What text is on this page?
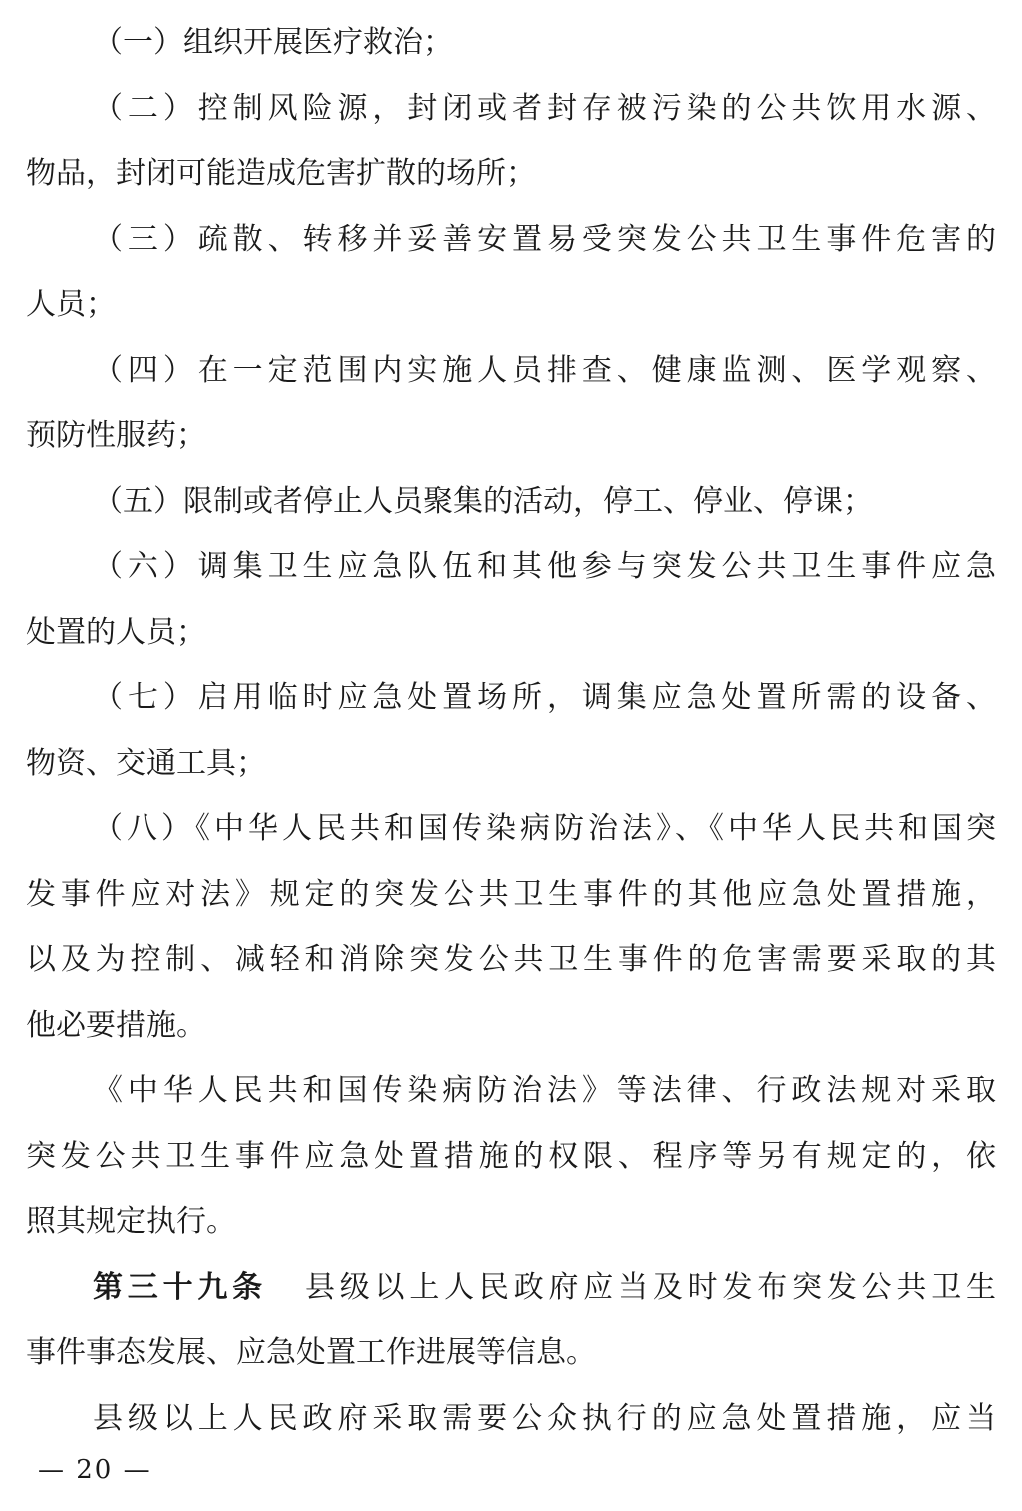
（一）组织开展医疗救治；
（二）控制风险源，封闭或者封存被污染的公共饮用水源、
物品，封闭可能造成危害扩散的场所；
（三）疏散、转移并妥善安置易受突发公共卫生事件危害的
人员；
（四）在一定范围内实施人员排查、健康监测、医学观察、
预防性服药；
（五）限制或者停止人员聚集的活动，停工、停业、停课；
（六）调集卫生应急队伍和其他参与突发公共卫生事件应急
处置的人员；
（七）启用临时应急处置场所，调集应急处置所需的设备、
物资、交通工具；
（八）《中华人民共和国传染病防治法》、《中华人民共和国突
发事件应对法》规定的突发公共卫生事件的其他应急处置措施，
以及为控制、减轻和消除突发公共卫生事件的危害需要采取的其
他必要措施。
《中华人民共和国传染病防治法》等法律、行政法规对采取
突发公共卫生事件应急处置措施的权限、程序等另有规定的，依
照其规定执行。
第三十九条 县级以上人民政府应当及时发布突发公共卫生
事件事态发展、应急处置工作进展等信息。
县级以上人民政府采取需要公众执行的应急处置措施，应当
— 20 —
